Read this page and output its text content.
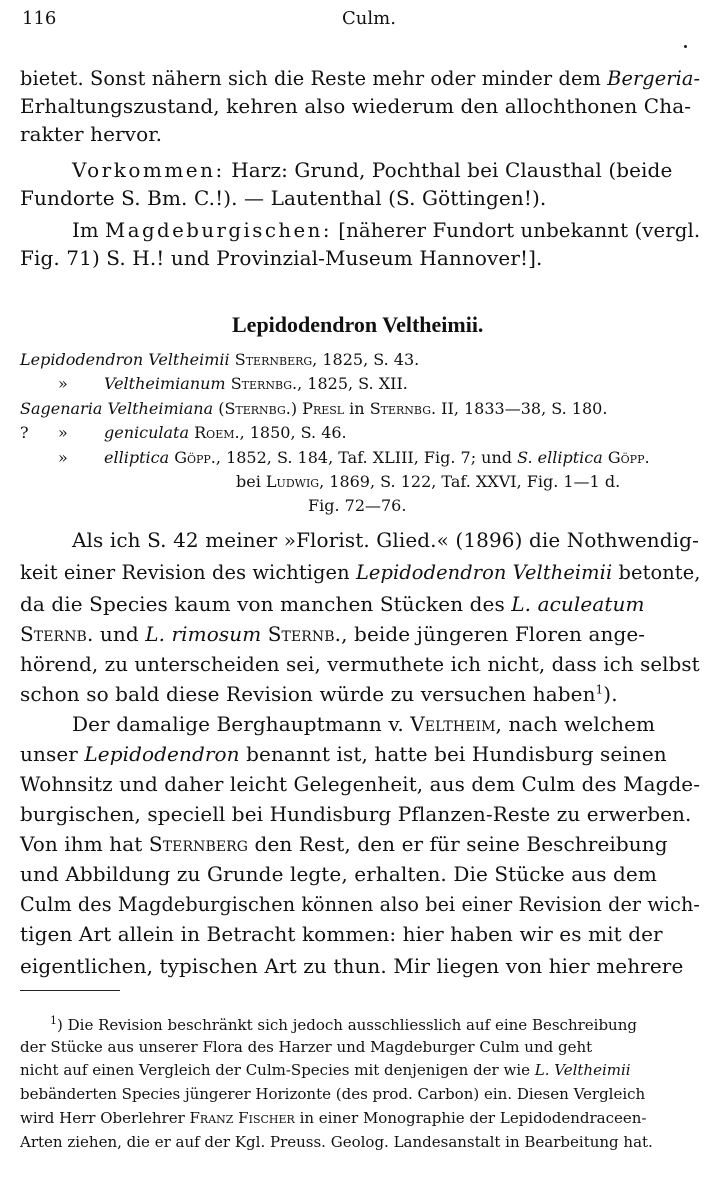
116	Culm.
bietet. Sonst nähern sich die Reste mehr oder minder dem Bergeria-
Erhaltungszustand, kehren also wiederum den allochthonen Cha-
rakter hervor.
Vorkommen: Harz: Grund, Pochthal bei Clausthal (beide
Fundorte S. Bm. C.!). — Lautenthal (S. Göttingen!).
Im Magdeburgischen: [näherer Fundort unbekannt (vergl.
Fig. 71) S. H.! und Provinzial-Museum Hannover!].
Lepidodendron Veltheimii.
Lepidodendron Veltheimii Sternberg, 1825, S. 43.
» Veltheimianum Sternbg., 1825, S. XII.
Sagenaria Veltheimiana (Sternbg.) Presl in Sternbg. II, 1833—38, S. 180.
? » geniculata Roem., 1850, S. 46.
» elliptica Göpp., 1852, S. 184, Taf. XLIII, Fig. 7; und S. elliptica Göpp.
bei Ludwig, 1869, S. 122, Taf. XXVI, Fig. 1—1 d.
Fig. 72—76.
Als ich S. 42 meiner »Florist. Glied.« (1896) die Nothwendig-
keit einer Revision des wichtigen Lepidodendron Veltheimii betonte,
da die Species kaum von manchen Stücken des L. aculeatum
Sternb. und L. rimosum Sternb., beide jüngeren Floren ange-
hörend, zu unterscheiden sei, vermuthete ich nicht, dass ich selbst
schon so bald diese Revision würde zu versuchen haben$^1$).
Der damalige Berghauptmann v. Veltheim, nach welchem
unser Lepidodendron benannt ist, hatte bei Hundisburg seinen
Wohnsitz und daher leicht Gelegenheit, aus dem Culm des Magde-
burgischen, speciell bei Hundisburg Pflanzen-Reste zu erwerben.
Von ihm hat Sternberg den Rest, den er für seine Beschreibung
und Abbildung zu Grunde legte, erhalten. Die Stücke aus dem
Culm des Magdeburgischen können also bei einer Revision der wich-
tigen Art allein in Betracht kommen: hier haben wir es mit der
eigentlichen, typischen Art zu thun. Mir liegen von hier mehrere
$^1$) Die Revision beschränkt sich jedoch ausschliesslich auf eine Beschreibung
der Stücke aus unserer Flora des Harzer und Magdeburger Culm und geht
nicht auf einen Vergleich der Culm-Species mit denjenigen der wie L. Veltheimii
bebänderten Species jüngerer Horizonte (des prod. Carbon) ein. Diesen Vergleich
wird Herr Oberlehrer Franz Fischer in einer Monographie der Lepidodendraceen-
Arten ziehen, die er auf der Kgl. Preuss. Geolog. Landesanstalt in Bearbeitung hat.
